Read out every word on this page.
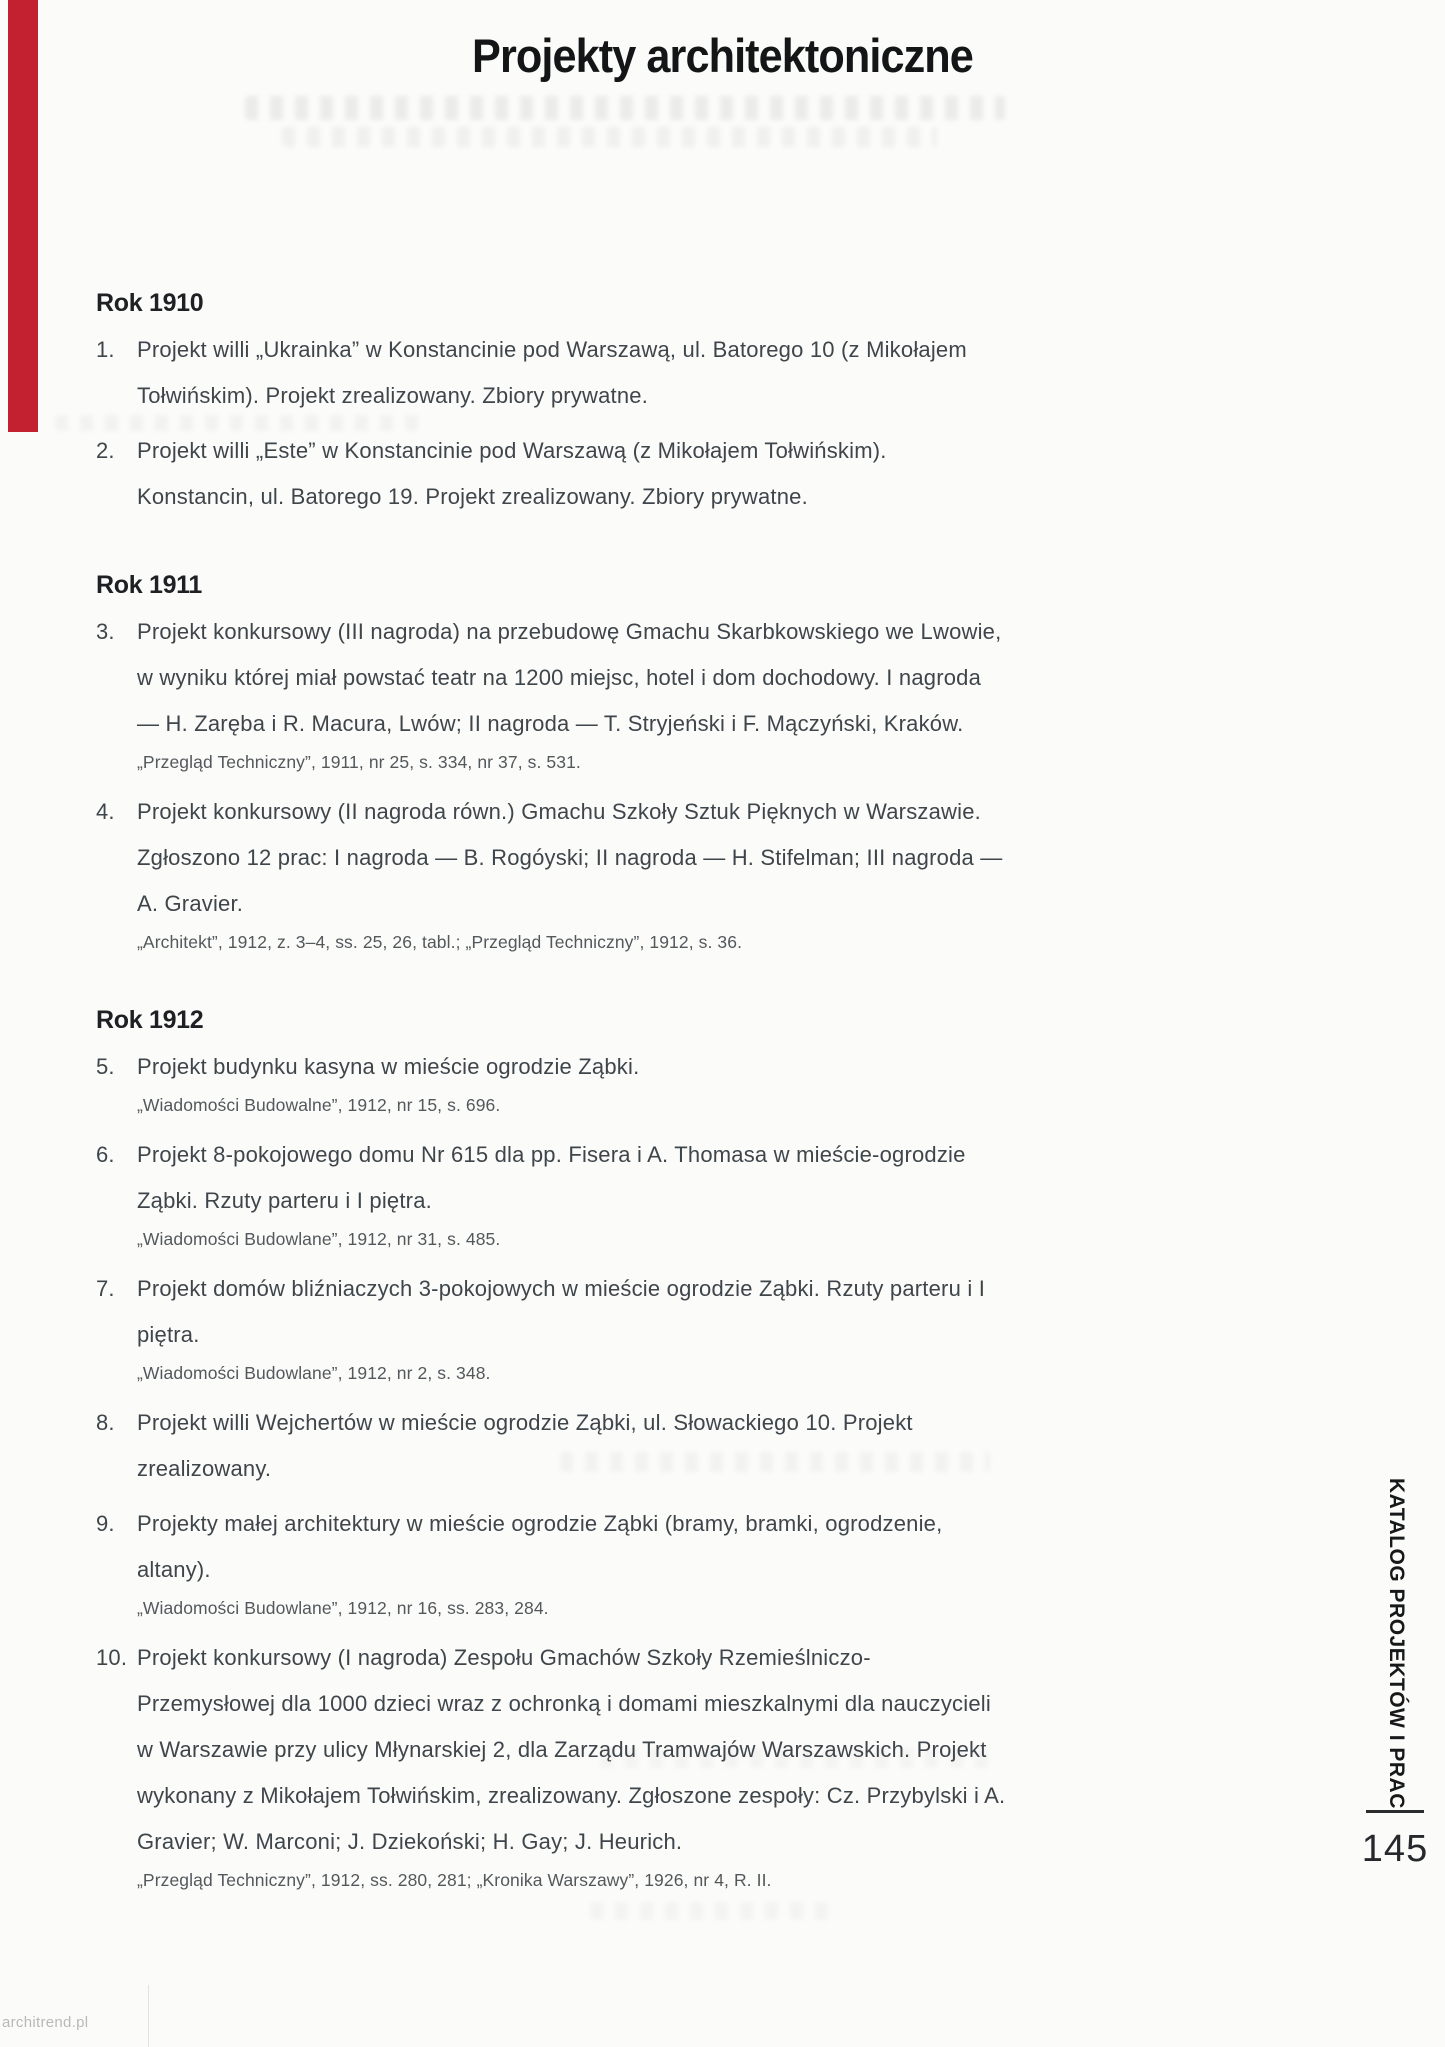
Projekty architektoniczne
Rok 1910
1.	Projekt willi „Ukrainka” w Konstancinie pod Warszawą, ul. Batorego 10 (z Mikołajem Tołwińskim). Projekt zrealizowany. Zbiory prywatne.
2.	Projekt willi „Este” w Konstancinie pod Warszawą (z Mikołajem Tołwińskim). Konstancin, ul. Batorego 19. Projekt zrealizowany. Zbiory prywatne.
Rok 1911
3.	Projekt konkursowy (III nagroda) na przebudowę Gmachu Skarbkowskiego we Lwowie, w wyniku której miał powstać teatr na 1200 miejsc, hotel i dom dochodowy. I nagroda — H. Zaręba i R. Macura, Lwów; II nagroda — T. Stryjeński i F. Mączyński, Kraków.
„Przegląd Techniczny”, 1911, nr 25, s. 334, nr 37, s. 531.
4.	Projekt konkursowy (II nagroda równ.) Gmachu Szkoły Sztuk Pięknych w Warszawie. Zgłoszono 12 prac: I nagroda — B. Rogóyski; II nagroda — H. Stifelman; III nagroda — A. Gravier.
„Architekt”, 1912, z. 3–4, ss. 25, 26, tabl.; „Przegląd Techniczny”, 1912, s. 36.
Rok 1912
5.	Projekt budynku kasyna w mieście ogrodzie Ząbki.
„Wiadomości Budowalne”, 1912, nr 15, s. 696.
6.	Projekt 8-pokojowego domu Nr 615 dla pp. Fisera i A. Thomasa w mieście-ogrodzie Ząbki. Rzuty parteru i I piętra.
„Wiadomości Budowlane”, 1912, nr 31, s. 485.
7.	Projekt domów bliźniaczych 3-pokojowych w mieście ogrodzie Ząbki. Rzuty parteru i I piętra.
„Wiadomości Budowlane”, 1912, nr 2, s. 348.
8.	Projekt willi Wejchertów w mieście ogrodzie Ząbki, ul. Słowackiego 10. Projekt zrealizowany.
9.	Projekty małej architektury w mieście ogrodzie Ząbki (bramy, bramki, ogrodzenie, altany).
„Wiadomości Budowlane”, 1912, nr 16, ss. 283, 284.
10. Projekt konkursowy (I nagroda) Zespołu Gmachów Szkoły Rzemieślniczo-Przemysłowej dla 1000 dzieci wraz z ochronką i domami mieszkalnymi dla nauczycieli w Warszawie przy ulicy Młynarskiej 2, dla Zarządu Tramwajów Warszawskich. Projekt wykonany z Mikołajem Tołwińskim, zrealizowany. Zgłoszone zespoły: Cz. Przybylski i A. Gravier; W. Marconi; J. Dziekoński; H. Gay; J. Heurich.
„Przegląd Techniczny”, 1912, ss. 280, 281; „Kronika Warszawy”, 1926, nr 4, R. II.
KATALOG PROJEKTÓW I PRAC
145
architrend.pl
